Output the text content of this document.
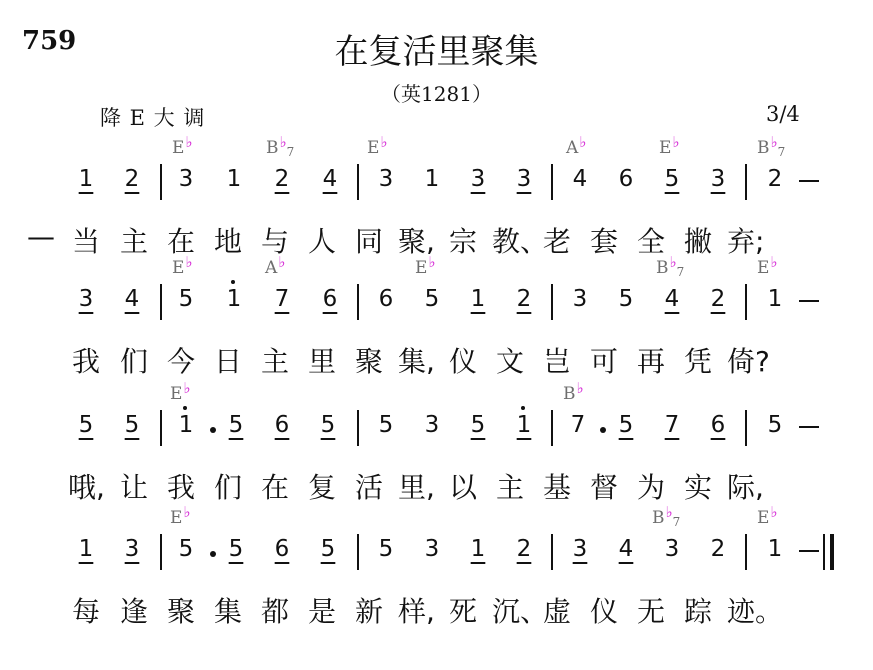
759	在复活里聚集
（英1281）
降 E 大 调	3/4
E♭	B♭7	E♭	A♭	E♭	B♭7
1	2	3	1	2	4	3	1	3	3	4	6	5	3	2
— 当 主 在 地 与 人 同 聚, 宗 教、
老 套 全 撇 弃;
E♭	A♭	E♭	B♭7	E♭
3	4	5	1	7	6	6	5	1	2	3	5	4	2	1
我 们 今 日 主 里 聚 集, 仪 文 岂 可 再 凭 倚?
E♭	B♭
5	5	1	5	6	5	5	3	5	1	7	5	7	6	5
哦, 让 我 们 在 复 活 里, 以 主 基 督 为 实 际,
E♭	B♭7	E♭
1	3	5	5	6	5	5	3	1	2	3	4	3	2	1
每 逢 聚 集 都 是 新 样, 死 沉、
虚 仪 无 踪 迹。
